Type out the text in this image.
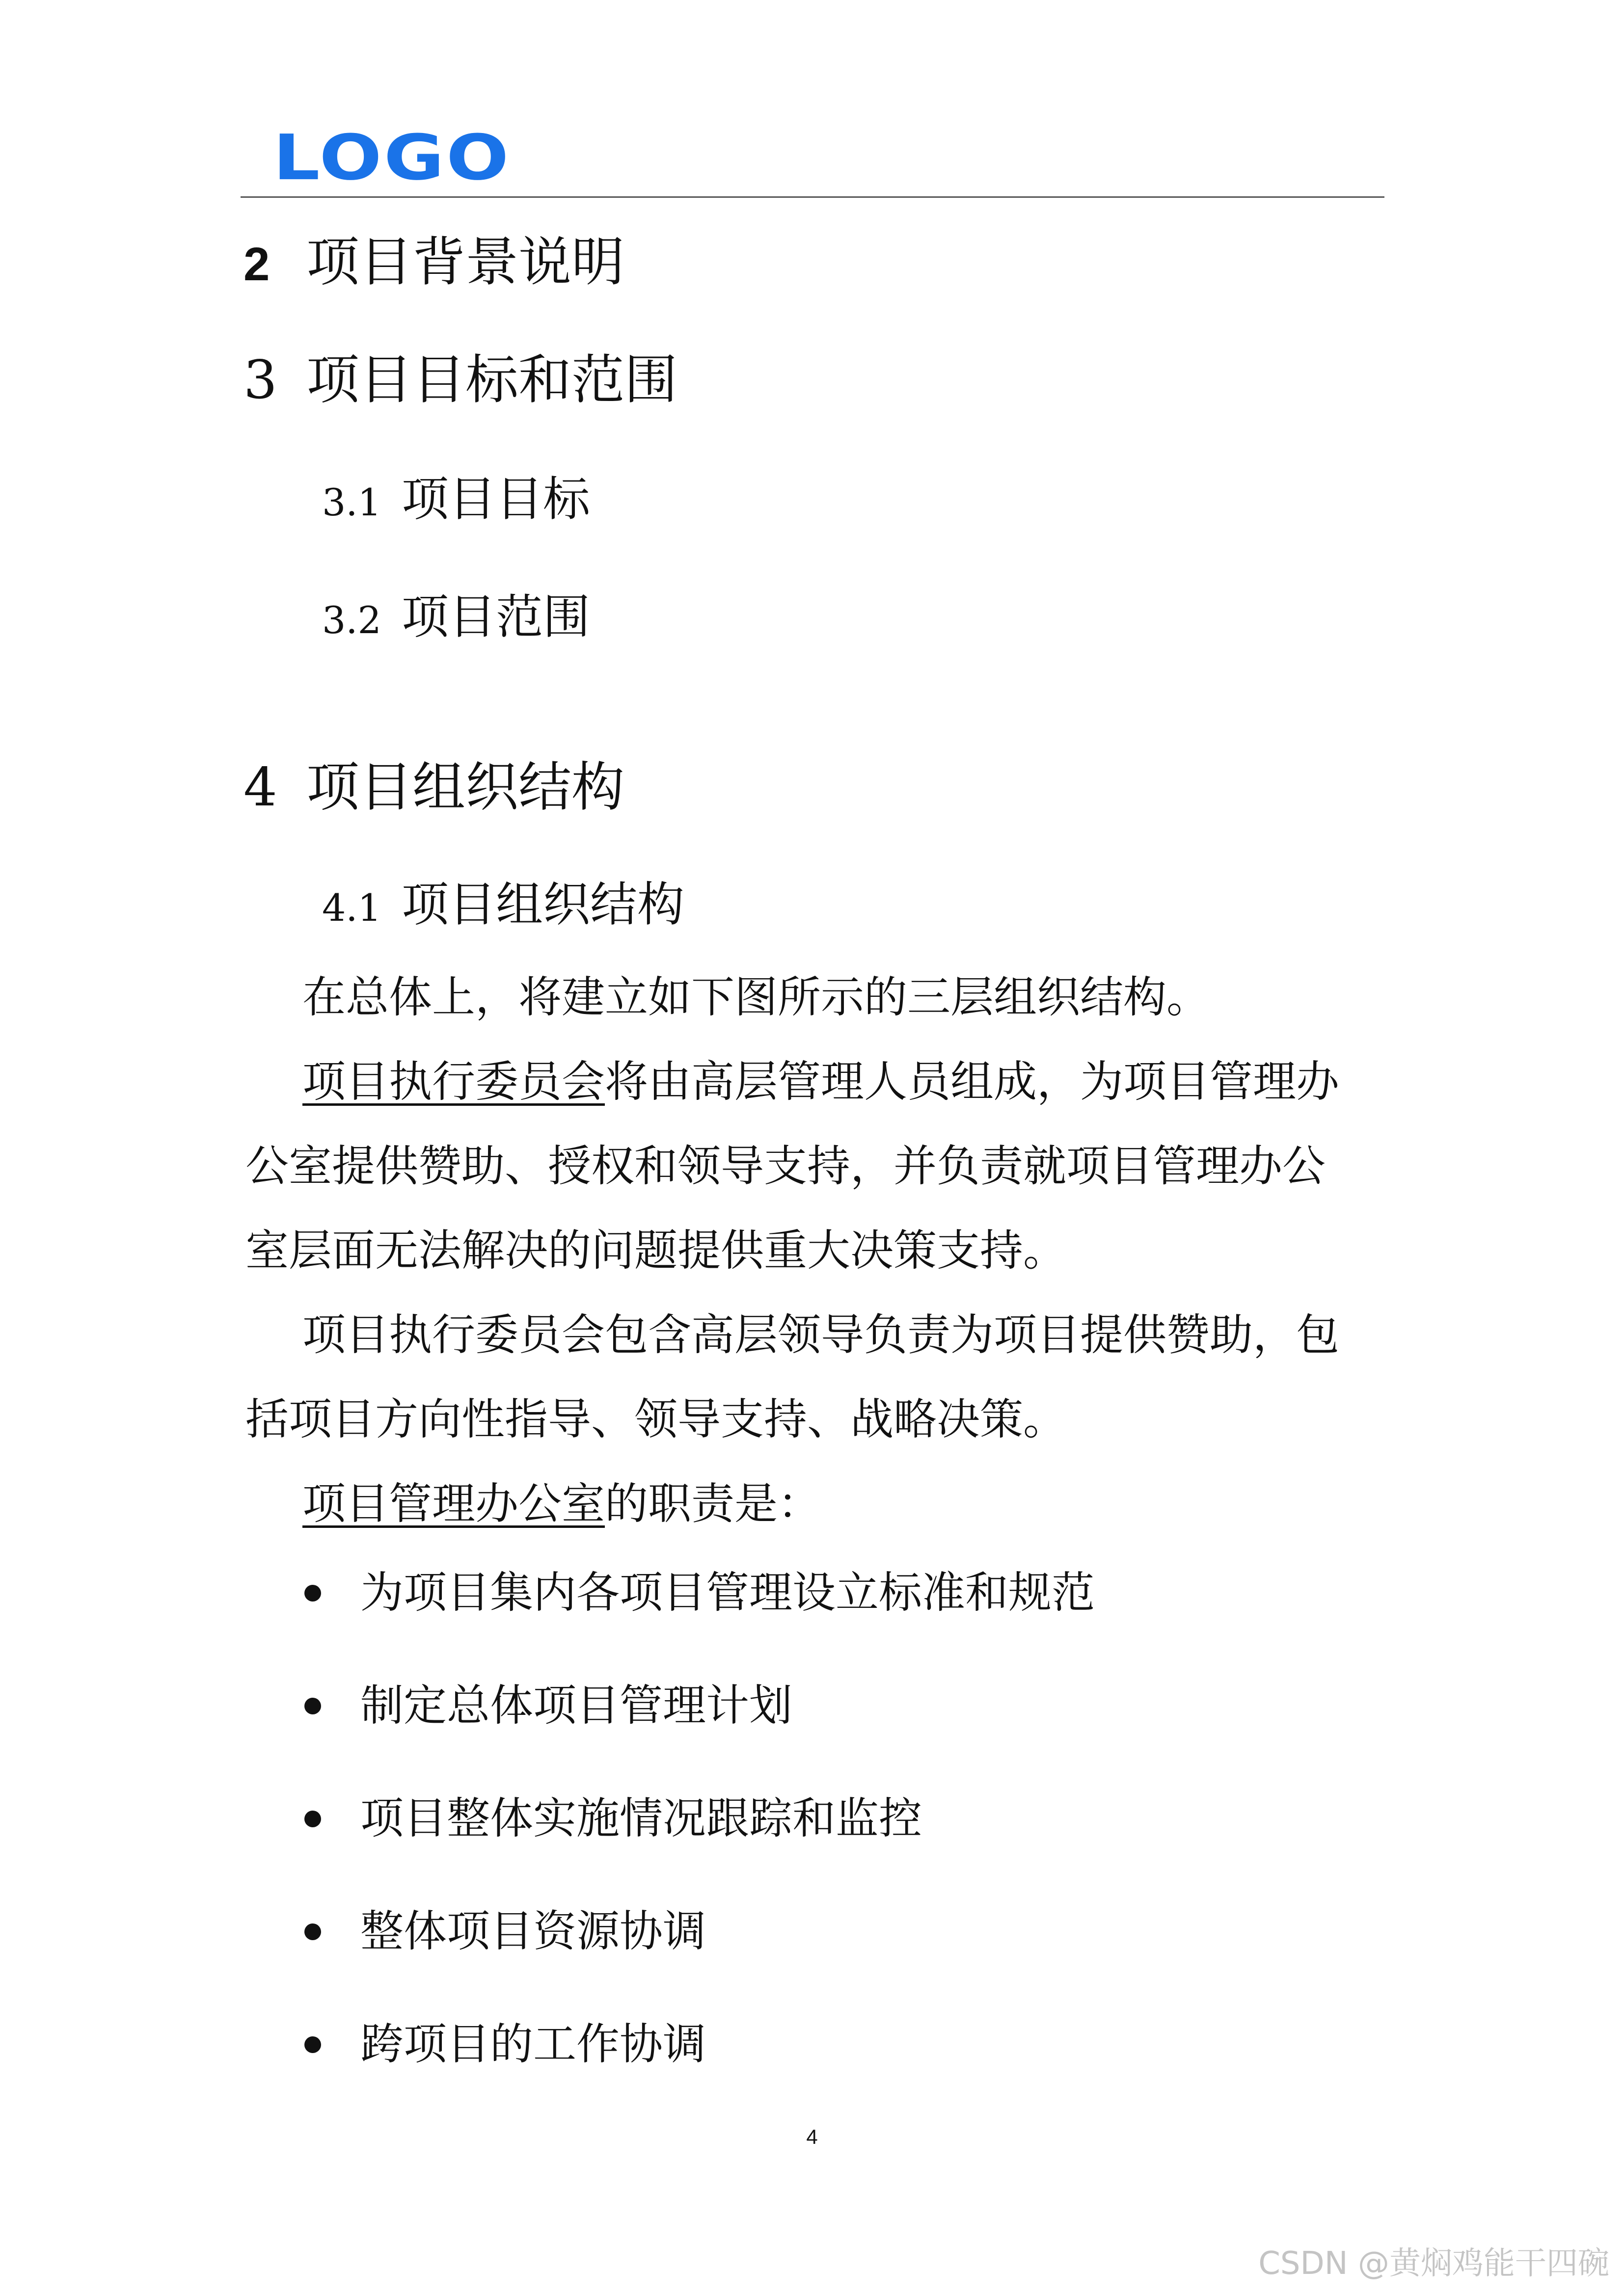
LOGO
2 项目背景说明
3 项目目标和范围
3.1 项目目标
3.2 项目范围
4 项目组织结构
4.1 项目组织结构

在总体上，将建立如下图所示的三层组织结构。

项目执行委员会将由高层管理人员组成，为项目管理办公室提供赞助、授权和领导支持，并负责就项目管理办公室层面无法解决的问题提供重大决策支持。

项目执行委员会包含高层领导负责为项目提供赞助，包括项目方向性指导、领导支持、战略决策。

项目管理办公室的职责是：

为项目集内各项目管理设立标准和规范
制定总体项目管理计划
项目整体实施情况跟踪和监控
整体项目资源协调
跨项目的工作协调
4
CSDN @黄焖鸡能干四碗
